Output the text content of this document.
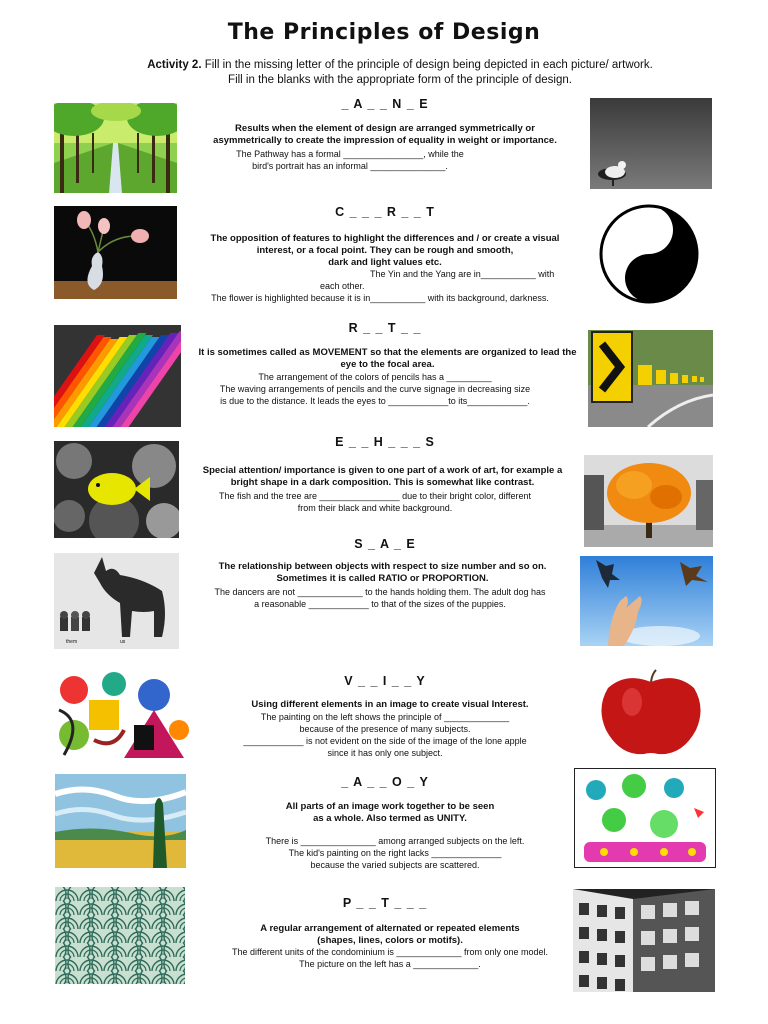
The Principles of Design
Activity 2. Fill in the missing letter of the principle of design being depicted in each picture/ artwork.
Fill in the blanks with the appropriate form of the principle of design.
_ A _ _ N _ E
Results when the element of design are arranged symmetrically or
asymmetrically to create the impression of equality in weight or importance.
The Pathway has a formal ________________, while the
bird's portrait has an informal _______________.
C _ _ _ R _ _ T
The opposition of features to highlight the differences and / or create a visual
interest, or a focal point. They can be rough and smooth,
dark and light values etc.
The Yin and the Yang are in___________ with
each other.
The flower is highlighted because it is in___________ with its background, darkness.
R _ _ T _ _
It is sometimes called as MOVEMENT so that the elements are organized to lead the
eye to the focal area.
The arrangement of the colors of pencils has a _________
The waving arrangements of pencils and the curve signage in decreasing size
is due to the distance. It leads the eyes to ____________to its____________.
E _ _ H _ _ _ S
Special attention/ importance is given to one part of a work of art, for example a
bright shape in a dark composition. This is somewhat like contrast.
The fish and the tree are ________________ due to their bright color, different
from their black and white background.
them	us
S _ A _ E
The relationship between objects with respect to size number and so on.
Sometimes it is called RATIO or PROPORTION.
The dancers are not _____________ to the hands holding them. The adult dog has
a reasonable ____________ to that of the sizes of the puppies.
V _ _ I _ _ Y
Using different elements in an image to create visual Interest.
The painting on the left shows the principle of _____________
because of the presence of many subjects.
____________ is not evident on the side of the image of the lone apple
since it has only one subject.
_ A _ _ O _ Y
All parts of an image work together to be seen
as a whole. Also termed as UNITY.
There is _______________ among arranged subjects on the left.
The kid's painting on the right lacks ______________
because the varied subjects are scattered.
P _ _ T _ _ _
A regular arrangement of alternated or repeated elements
(shapes, lines, colors or motifs).
The different units of the condominium is _____________ from only one model.
The picture on the left has a _____________.
